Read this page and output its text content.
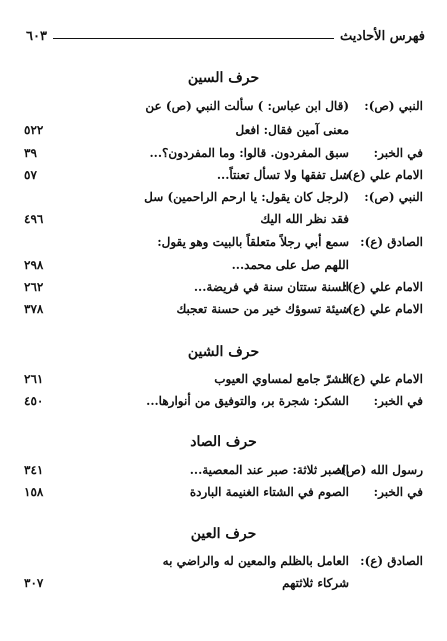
فهرس الأحاديث
٦٠٣
حرف السين
النبي (ص):
(قال ابن عباس: ) سألت النبي (ص) عن
معنى آمين فقال: افعل
٥٢٢
في الخبر:
سبق المفردون. قالوا: وما المفردون؟...
٣٩
الامام علي (ع):
سل تفقها ولا تسأل تعنتاً...
٥٧
النبي (ص):
(لرجل كان يقول: يا ارحم الراحمين) سل
فقد نظر الله اليك
٤٩٦
الصادق (ع):
سمع أبي رجلاً متعلقاً بالبيت وهو يقول:
اللهم صل على محمد...
٢٩٨
الامام علي (ع):
السنة ستتان سنة في فريضة...
٢٦٢
الامام علي (ع):
سيئة تسوؤك خير من حسنة تعجبك
٣٧٨
حرف الشين
الامام علي (ع):
الشرّ جامع لمساوي العيوب
٢٦١
في الخبر:
الشكر: شجرة بر، والتوفيق من أنوارها...
٤٥٠
حرف الصاد
رسول الله (ص):
الصبر ثلاثة: صبر عند المعصية...
٣٤١
في الخبر:
الصوم في الشتاء الغنيمة الباردة
١٥٨
حرف العين
الصادق (ع):
العامل بالظلم والمعين له والراضي به
شركاء ثلاثتهم
٣٠٧
